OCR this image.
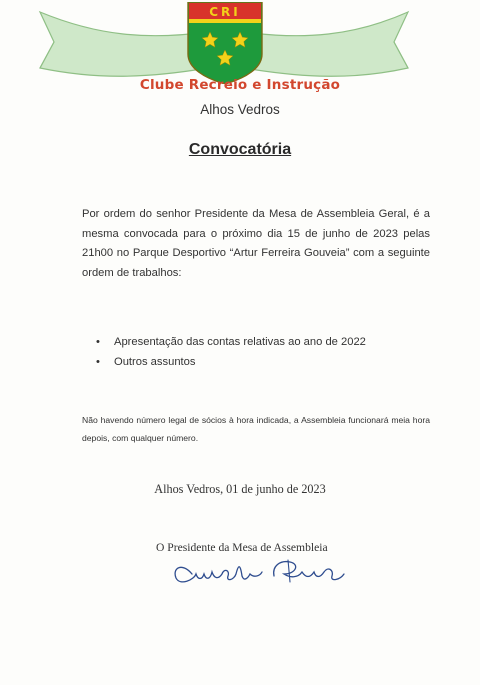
CRI
Clube Recreio e Instrução
Alhos Vedros
Convocatória
Por ordem do senhor Presidente da Mesa de Assembleia Geral, é a mesma convocada para o próximo dia 15 de junho de 2023 pelas 21h00 no Parque Desportivo “Artur Ferreira Gouveia” com a seguinte ordem de trabalhos:
• Apresentação das contas relativas ao ano de 2022
• Outros assuntos
Não havendo número legal de sócios à hora indicada, a Assembleia funcionará meia hora depois, com qualquer número.
Alhos Vedros, 01 de junho de 2023
O Presidente da Mesa de Assembleia
